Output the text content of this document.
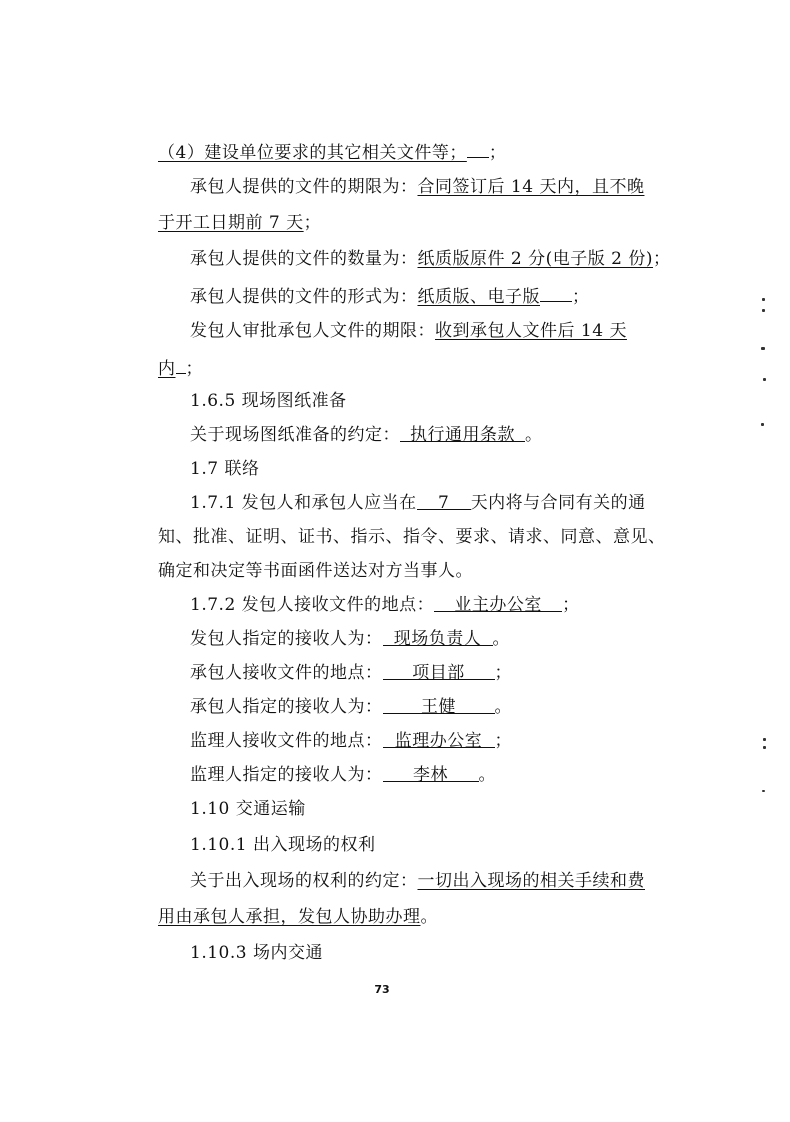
（4）建设单位要求的其它相关文件等； ；
承包人提供的文件的期限为：合同签订后 14 天内，且不晚
于开工日期前 7 天；
承包人提供的文件的数量为：纸质版原件 2 分(电子版 2 份)；
承包人提供的文件的形式为：纸质版、电子版 ；
发包人审批承包人文件的期限：收到承包人文件后 14 天
内 ；
1.6.5 现场图纸准备
关于现场图纸准备的约定： 执行通用条款 。
1.7 联络
1.7.1 发包人和承包人应当在 7 天内将与合同有关的通
知、批准、证明、证书、指示、指令、要求、请求、同意、意见、
确定和决定等书面函件送达对方当事人。
1.7.2 发包人接收文件的地点： 业主办公室 ；
发包人指定的接收人为： 现场负责人 。
承包人接收文件的地点： 项目部 ；
承包人指定的接收人为： 王健 。
监理人接收文件的地点： 监理办公室 ；
监理人指定的接收人为： 李林 。
1.10 交通运输
1.10.1 出入现场的权利
关于出入现场的权利的约定：一切出入现场的相关手续和费
用由承包人承担，发包人协助办理。
1.10.3 场内交通
73
